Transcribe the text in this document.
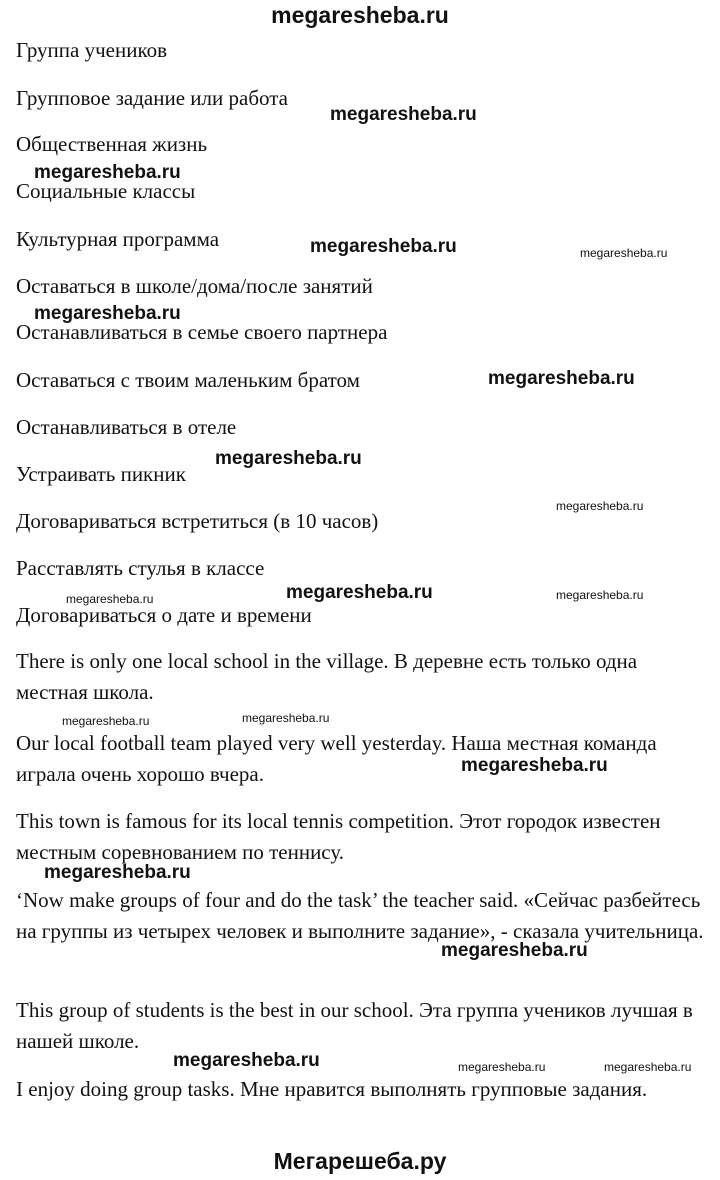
megaresheba.ru
Группа учеников
Групповое задание или работа
Общественная жизнь
Социальные классы
Культурная программа
Оставаться в школе/дома/после занятий
Останавливаться в семье своего партнера
Оставаться с твоим маленьким братом
Останавливаться в отеле
Устраивать пикник
Договариваться встретиться (в 10 часов)
Расставлять стулья в классе
Договариваться о дате и времени
There is only one local school in the village. В деревне есть только одна местная школа.
Our local football team played very well yesterday. Наша местная команда играла очень хорошо вчера.
This town is famous for its local tennis competition. Этот городок известен местным соревнованием по теннису.
‘Now make groups of four and do the task’ the teacher said. «Сейчас разбейтесь на группы из четырех человек и выполните задание», - сказала учительница.
This group of students is the best in our school. Эта группа учеников лучшая в нашей школе.
I enjoy doing group tasks. Мне нравится выполнять групповые задания.
megaresheba.ru
megaresheba.ru
megaresheba.ru	megaresheba.ru
megaresheba.ru
megaresheba.ru
megaresheba.ru
megaresheba.ru
megaresheba.ru
megaresheba.ru	megaresheba.ru
megaresheba.ru	megaresheba.ru
megaresheba.ru
megaresheba.ru
megaresheba.ru
megaresheba.ru	megaresheba.ru	megaresheba.ru
Мегарешеба.ру
